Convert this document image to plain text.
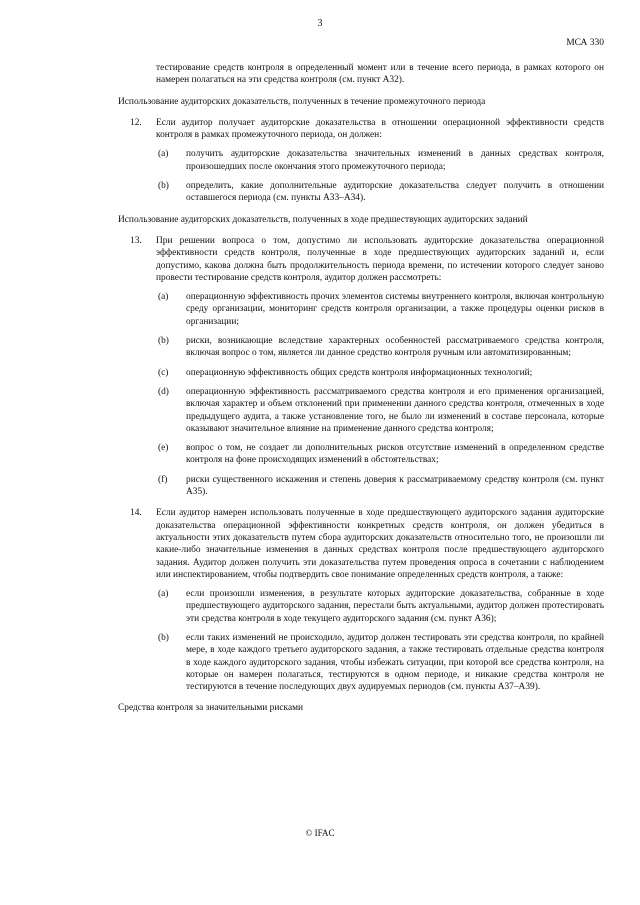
3
МСА 330

тестирование средств контроля в определенный момент или в течение всего периода, в рамках которого он намерен полагаться на эти средства контроля (см. пункт А32).

Использование аудиторских доказательств, полученных в течение промежуточного периода

12. Если аудитор получает аудиторские доказательства в отношении операционной эффективности средств контроля в рамках промежуточного периода, он должен:

(a) получить аудиторские доказательства значительных изменений в данных средствах контроля, произошедших после окончания этого промежуточного периода;

(b) определить, какие дополнительные аудиторские доказательства следует получить в отношении оставшегося периода (см. пункты А33–А34).

Использование аудиторских доказательств, полученных в ходе предшествующих аудиторских заданий

13. При решении вопроса о том, допустимо ли использовать аудиторские доказательства операционной эффективности средств контроля, полученные в ходе предшествующих аудиторских заданий и, если допустимо, какова должна быть продолжительность периода времени, по истечении которого следует заново провести тестирование средств контроля, аудитор должен рассмотреть:

(a) операционную эффективность прочих элементов системы внутреннего контроля, включая контрольную среду организации, мониторинг средств контроля организации, а также процедуры оценки рисков в организации;

(b) риски, возникающие вследствие характерных особенностей рассматриваемого средства контроля, включая вопрос о том, является ли данное средство контроля ручным или автоматизированным;

(c) операционную эффективность общих средств контроля информационных технологий;

(d) операционную эффективность рассматриваемого средства контроля и его применения организацией, включая характер и объем отклонений при применении данного средства контроля, отмеченных в ходе предыдущего аудита, а также установление того, не было ли изменений в составе персонала, которые оказывают значительное влияние на применение данного средства контроля;

(e) вопрос о том, не создает ли дополнительных рисков отсутствие изменений в определенном средстве контроля на фоне происходящих изменений в обстоятельствах;

(f) риски существенного искажения и степень доверия к рассматриваемому средству контроля (см. пункт А35).

14. Если аудитор намерен использовать полученные в ходе предшествующего аудиторского задания аудиторские доказательства операционной эффективности конкретных средств контроля, он должен убедиться в актуальности этих доказательств путем сбора аудиторских доказательств относительно того, не произошли ли какие-либо значительные изменения в данных средствах контроля после предшествующего аудиторского задания. Аудитор должен получить эти доказательства путем проведения опроса в сочетании с наблюдением или инспектированием, чтобы подтвердить свое понимание определенных средств контроля, а также:

(a) если произошли изменения, в результате которых аудиторские доказательства, собранные в ходе предшествующего аудиторского задания, перестали быть актуальными, аудитор должен протестировать эти средства контроля в ходе текущего аудиторского задания (см. пункт А36);

(b) если таких изменений не происходило, аудитор должен тестировать эти средства контроля, по крайней мере, в ходе каждого третьего аудиторского задания, а также тестировать отдельные средства контроля в ходе каждого аудиторского задания, чтобы избежать ситуации, при которой все средства контроля, на которые он намерен полагаться, тестируются в одном периоде, и никакие средства контроля не тестируются в течение последующих двух аудируемых периодов (см. пункты А37–А39).

Средства контроля за значительными рисками

© IFAC
